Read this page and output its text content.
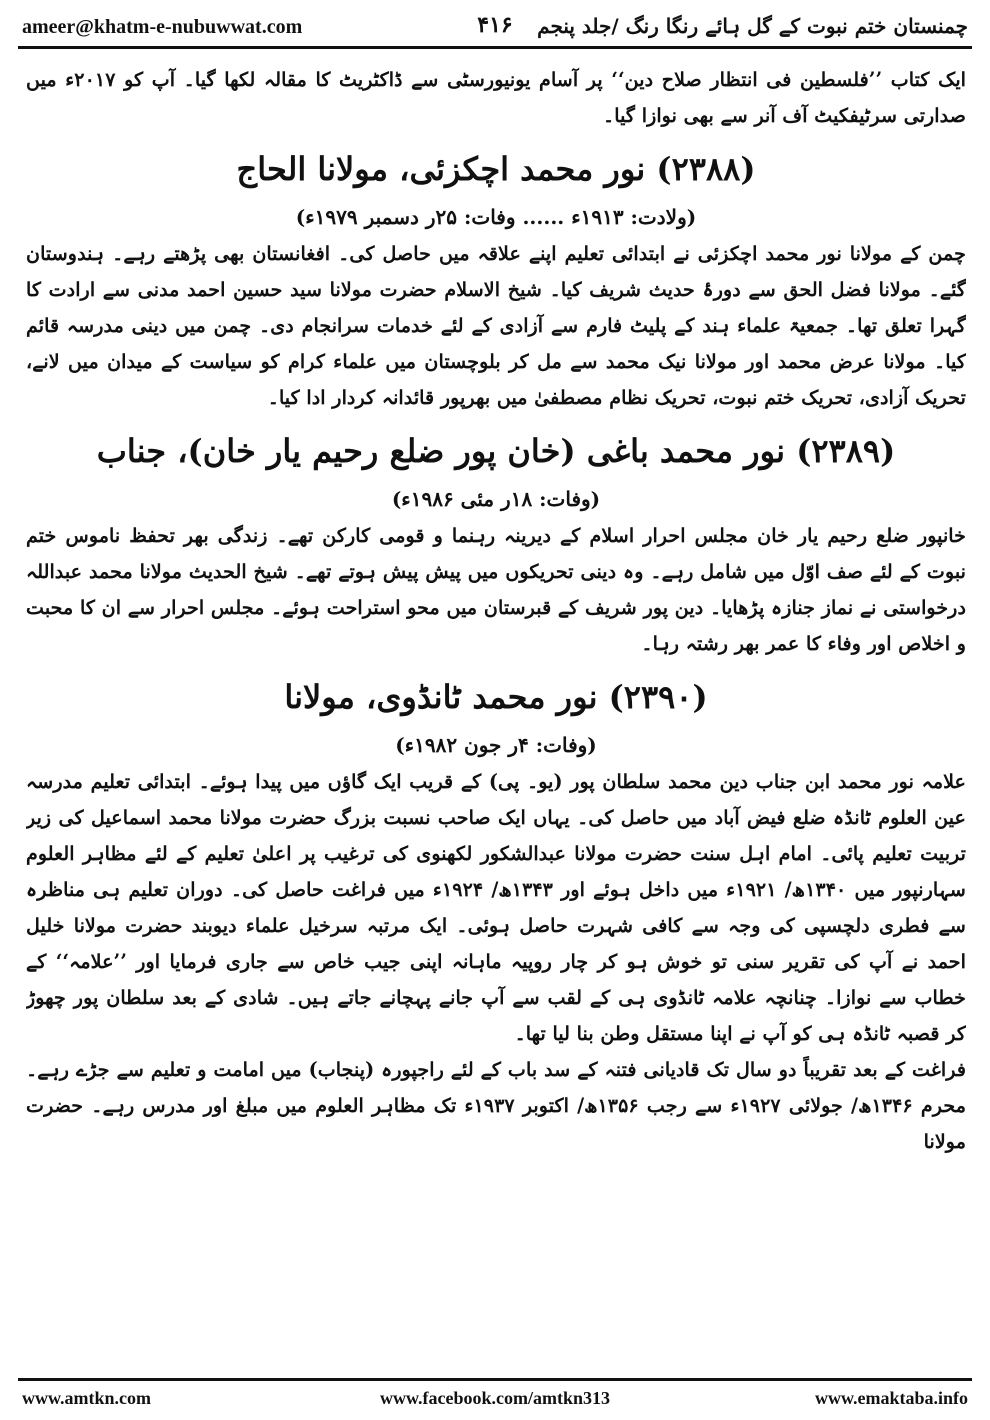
ameer@khatm-e-nubuwwat.com	۴۱۶	چمنستان ختم نبوت کے گل ہائے رنگا رنگ /جلد پنجم

ایک کتاب ’’فلسطین فی انتظار صلاح دین‘‘ پر آسام یونیورسٹی سے ڈاکٹریٹ کا مقالہ لکھا گیا۔ آپ کو ۲۰۱۷ء میں صدارتی سرٹیفکیٹ آف آنر سے بھی نوازا گیا۔

(۲۳۸۸) نور محمد اچکزئی، مولانا الحاج
(ولادت: ۱۹۱۳ء ...... وفات: ۲۵ر دسمبر ۱۹۷۹ء)

چمن کے مولانا نور محمد اچکزئی نے ابتدائی تعلیم اپنے علاقہ میں حاصل کی۔ افغانستان بھی پڑھتے رہے۔ ہندوستان گئے۔ مولانا فضل الحق سے دورۂ حدیث شریف کیا۔ شیخ الاسلام حضرت مولانا سید حسین احمد مدنی سے ارادت کا گہرا تعلق تھا۔ جمعیۃ علماء ہند کے پلیٹ فارم سے آزادی کے لئے خدمات سرانجام دی۔ چمن میں دینی مدرسہ قائم کیا۔ مولانا عرض محمد اور مولانا نیک محمد سے مل کر بلوچستان میں علماء کرام کو سیاست کے میدان میں لانے، تحریک آزادی، تحریک ختم نبوت، تحریک نظام مصطفیٰ میں بھرپور قائدانہ کردار ادا کیا۔

(۲۳۸۹) نور محمد باغی (خان پور ضلع رحیم یار خان)، جناب
(وفات: ۱۸ر مئی ۱۹۸۶ء)

خانپور ضلع رحیم یار خان مجلس احرار اسلام کے دیرینہ رہنما و قومی کارکن تھے۔ زندگی بھر تحفظ ناموس ختم نبوت کے لئے صف اوّل میں شامل رہے۔ وہ دینی تحریکوں میں پیش پیش ہوتے تھے۔ شیخ الحدیث مولانا محمد عبداللہ درخواستی نے نماز جنازہ پڑھایا۔ دین پور شریف کے قبرستان میں محو استراحت ہوئے۔ مجلس احرار سے ان کا محبت و اخلاص اور وفاء کا عمر بھر رشتہ رہا۔

(۲۳۹۰) نور محمد ٹانڈوی، مولانا
(وفات: ۴ر جون ۱۹۸۲ء)

علامہ نور محمد ابن جناب دین محمد سلطان پور (یو۔ پی) کے قریب ایک گاؤں میں پیدا ہوئے۔ ابتدائی تعلیم مدرسہ عین العلوم ٹانڈہ ضلع فیض آباد میں حاصل کی۔ یہاں ایک صاحب نسبت بزرگ حضرت مولانا محمد اسماعیل کی زیر تربیت تعلیم پائی۔ امام اہل سنت حضرت مولانا عبدالشکور لکھنوی کی ترغیب پر اعلیٰ تعلیم کے لئے مظاہر العلوم سہارنپور میں ۱۳۴۰ھ/ ۱۹۲۱ء میں داخل ہوئے اور ۱۳۴۳ھ/ ۱۹۲۴ء میں فراغت حاصل کی۔ دوران تعلیم ہی مناظرہ سے فطری دلچسپی کی وجہ سے کافی شہرت حاصل ہوئی۔ ایک مرتبہ سرخیل علماء دیوبند حضرت مولانا خلیل احمد نے آپ کی تقریر سنی تو خوش ہو کر چار روپیہ ماہانہ اپنی جیب خاص سے جاری فرمایا اور ’’علامہ‘‘ کے خطاب سے نوازا۔ چنانچہ علامہ ٹانڈوی ہی کے لقب سے آپ جانے پہچانے جاتے ہیں۔ شادی کے بعد سلطان پور چھوڑ کر قصبہ ٹانڈہ ہی کو آپ نے اپنا مستقل وطن بنا لیا تھا۔

فراغت کے بعد تقریباً دو سال تک قادیانی فتنہ کے سد باب کے لئے راجپورہ (پنجاب) میں امامت و تعلیم سے جڑے رہے۔ محرم ۱۳۴۶ھ/ جولائی ۱۹۲۷ء سے رجب ۱۳۵۶ھ/ اکتوبر ۱۹۳۷ء تک مظاہر العلوم میں مبلغ اور مدرس رہے۔ حضرت مولانا

www.amtkn.com	www.facebook.com/amtkn313	www.emaktaba.info
